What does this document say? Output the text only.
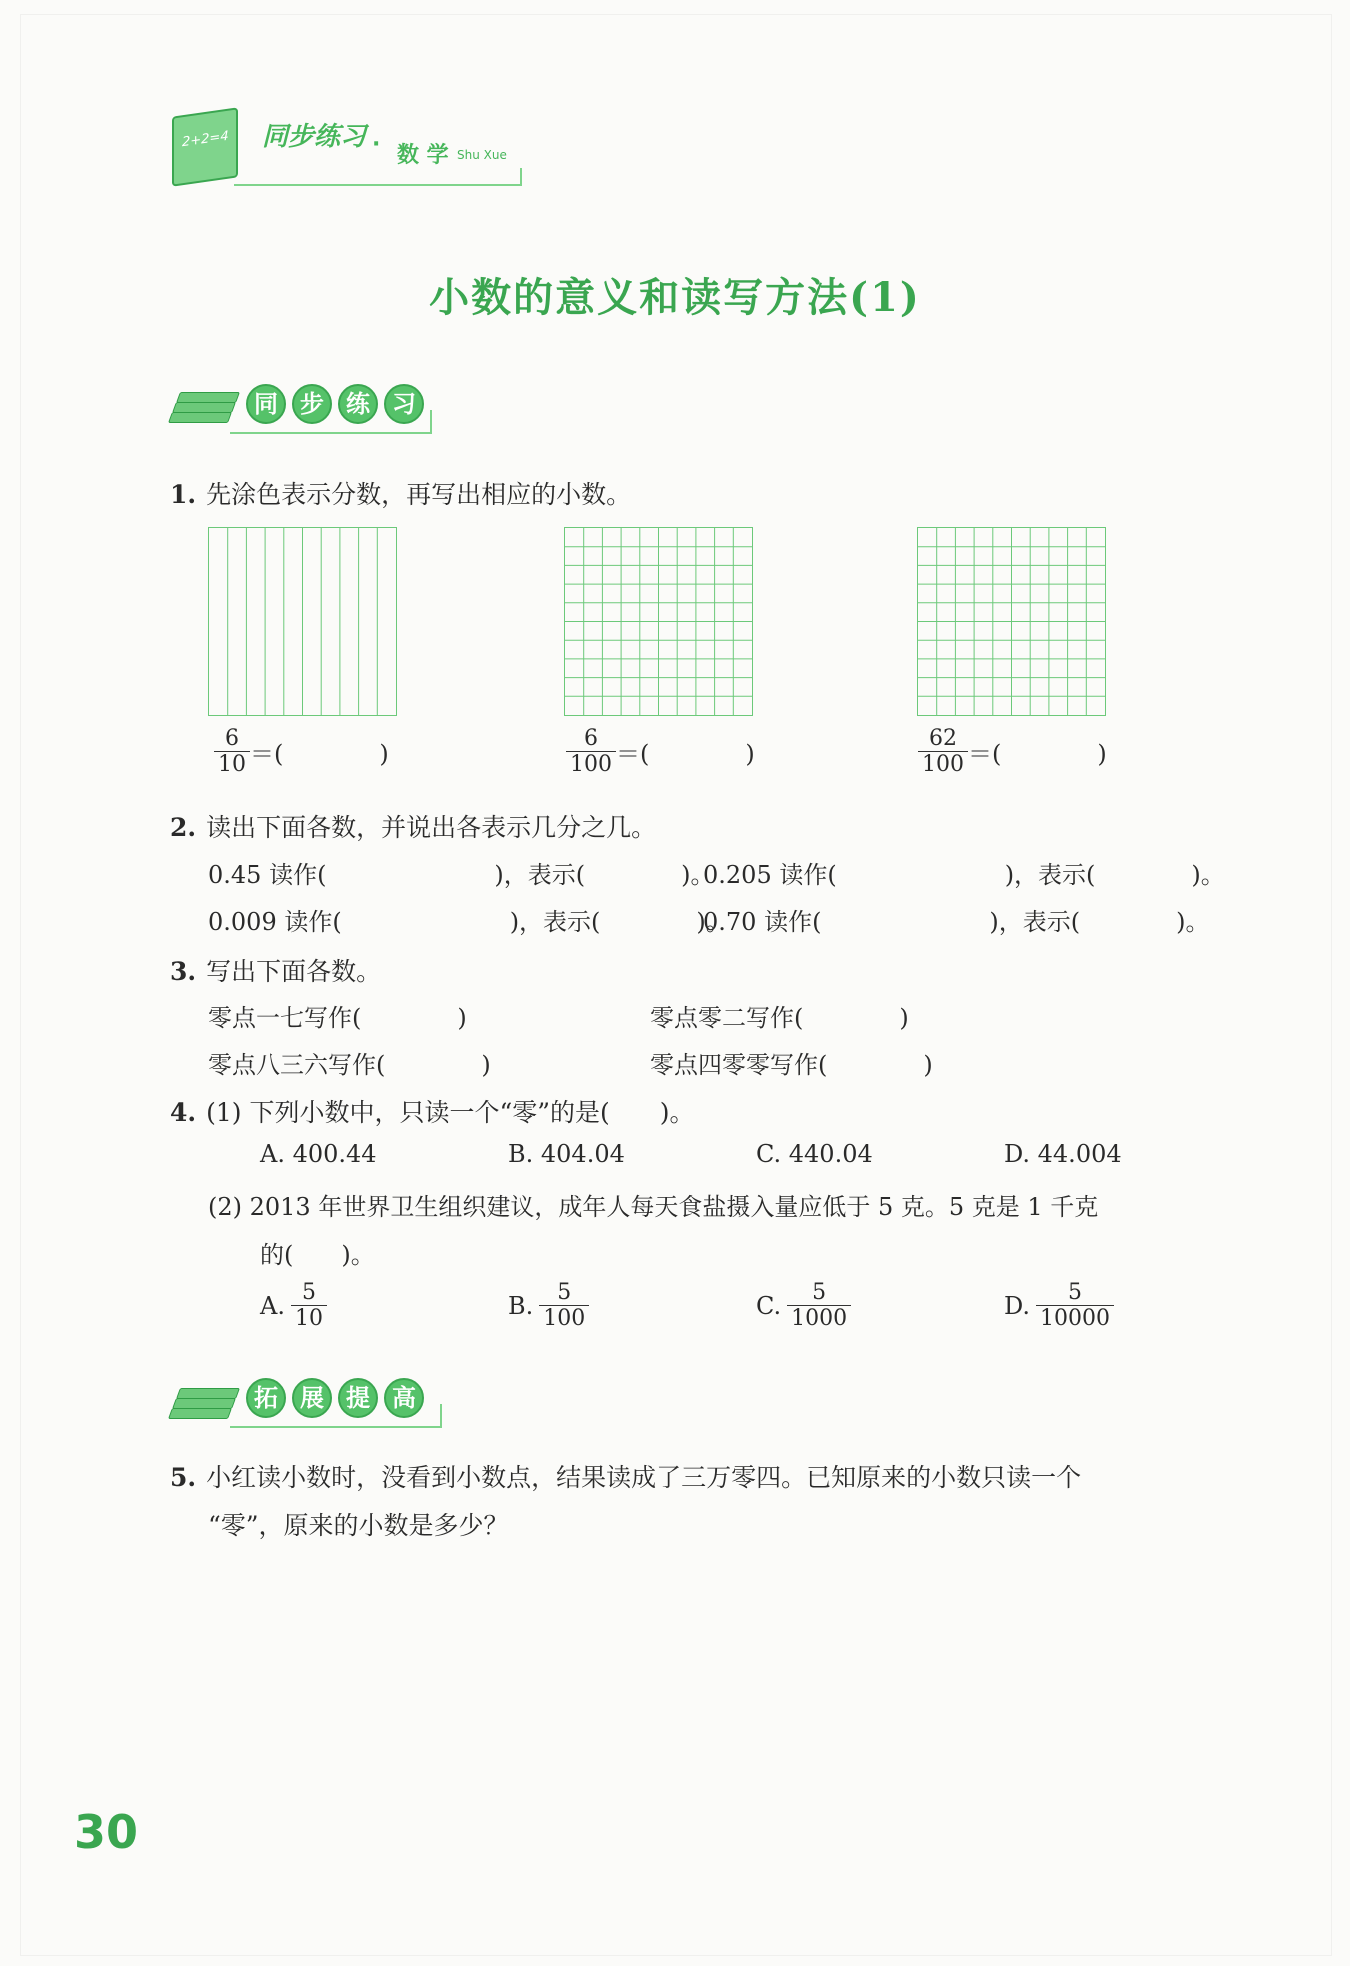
2+2=4 同步练习 · 数 学 Shu Xue
小数的意义和读写方法(1)
同 步 练 习
1. 先涂色表示分数，再写出相应的小数。
$\frac{6}{10}$ ＝(　　　　)	$\frac{6}{100}$ ＝(　　　　)	$\frac{62}{100}$ ＝(　　　　)
2. 读出下面各数，并说出各表示几分之几。
0.45 读作(　　　　　　　)，表示(　　　　)。
0.205 读作(　　　　　　　)，表示(　　　　)。
0.009 读作(　　　　　　　)，表示(　　　　)。
0.70 读作(　　　　　　　)，表示(　　　　)。
3. 写出下面各数。
零点一七写作(　　　　)	零点零二写作(　　　　)
零点八三六写作(　　　　)	零点四零零写作(　　　　)
4. (1) 下列小数中，只读一个“零”的是(　　)。
A. 400.44	B. 404.04	C. 440.04	D. 44.004
(2) 2013 年世界卫生组织建议，成年人每天食盐摄入量应低于 5 克。5 克是 1 千克
的(　　)。
A. $\frac{5}{10}$	B. $\frac{5}{100}$	C. $\frac{5}{1000}$	D. $\frac{5}{10000}$
拓 展 提 高
5. 小红读小数时，没看到小数点，结果读成了三万零四。已知原来的小数只读一个
“零”，原来的小数是多少？
30
